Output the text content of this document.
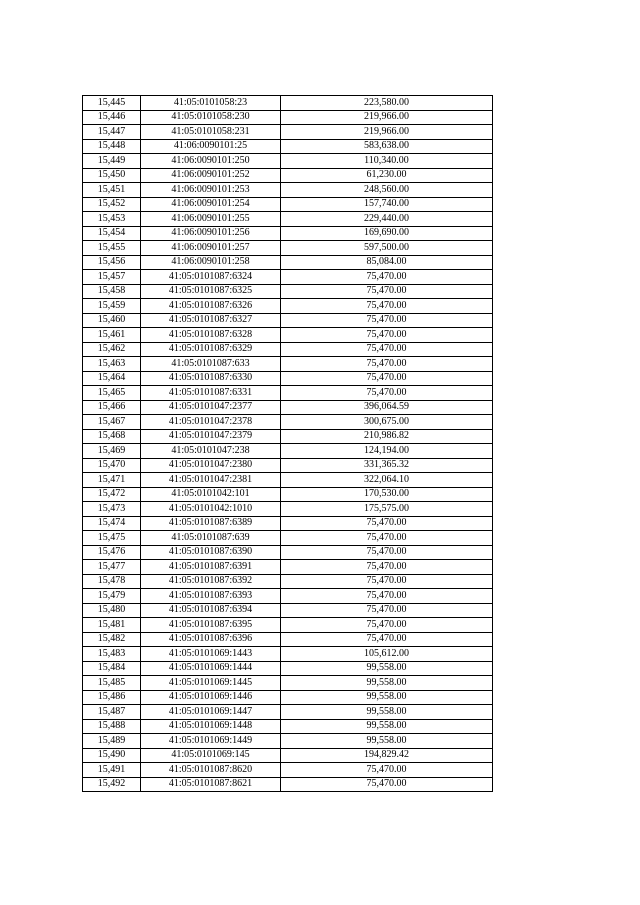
15,445	41:05:0101058:23	223,580.00
15,446	41:05:0101058:230	219,966.00
15,447	41:05:0101058:231	219,966.00
15,448	41:06:0090101:25	583,638.00
15,449	41:06:0090101:250	110,340.00
15,450	41:06:0090101:252	61,230.00
15,451	41:06:0090101:253	248,560.00
15,452	41:06:0090101:254	157,740.00
15,453	41:06:0090101:255	229,440.00
15,454	41:06:0090101:256	169,690.00
15,455	41:06:0090101:257	597,500.00
15,456	41:06:0090101:258	85,084.00
15,457	41:05:0101087:6324	75,470.00
15,458	41:05:0101087:6325	75,470.00
15,459	41:05:0101087:6326	75,470.00
15,460	41:05:0101087:6327	75,470.00
15,461	41:05:0101087:6328	75,470.00
15,462	41:05:0101087:6329	75,470.00
15,463	41:05:0101087:633	75,470.00
15,464	41:05:0101087:6330	75,470.00
15,465	41:05:0101087:6331	75,470.00
15,466	41:05:0101047:2377	396,064.59
15,467	41:05:0101047:2378	300,675.00
15,468	41:05:0101047:2379	210,986.82
15,469	41:05:0101047:238	124,194.00
15,470	41:05:0101047:2380	331,365.32
15,471	41:05:0101047:2381	322,064.10
15,472	41:05:0101042:101	170,530.00
15,473	41:05:0101042:1010	175,575.00
15,474	41:05:0101087:6389	75,470.00
15,475	41:05:0101087:639	75,470.00
15,476	41:05:0101087:6390	75,470.00
15,477	41:05:0101087:6391	75,470.00
15,478	41:05:0101087:6392	75,470.00
15,479	41:05:0101087:6393	75,470.00
15,480	41:05:0101087:6394	75,470.00
15,481	41:05:0101087:6395	75,470.00
15,482	41:05:0101087:6396	75,470.00
15,483	41:05:0101069:1443	105,612.00
15,484	41:05:0101069:1444	99,558.00
15,485	41:05:0101069:1445	99,558.00
15,486	41:05:0101069:1446	99,558.00
15,487	41:05:0101069:1447	99,558.00
15,488	41:05:0101069:1448	99,558.00
15,489	41:05:0101069:1449	99,558.00
15,490	41:05:0101069:145	194,829.42
15,491	41:05:0101087:8620	75,470.00
15,492	41:05:0101087:8621	75,470.00
